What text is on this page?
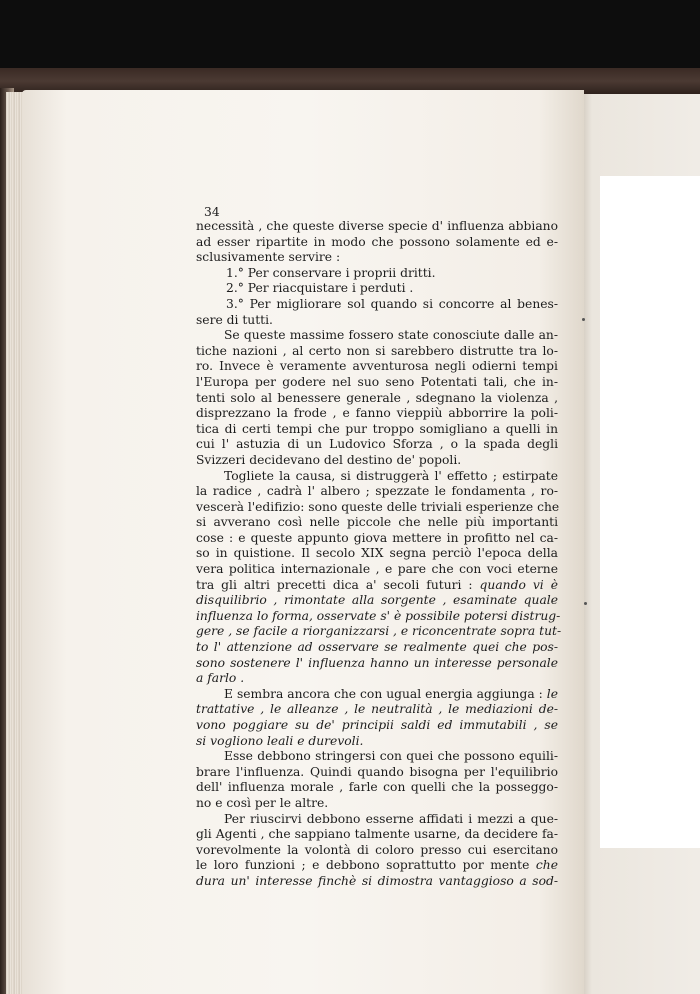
34
necessità , che queste diverse specie d' influenza abbiano
ad esser ripartite in modo che possono solamente ed e-
sclusivamente servire :
1.° Per conservare i proprii dritti.
2.° Per riacquistare i perduti .
3.° Per migliorare sol quando si concorre al benes-
sere di tutti.
Se queste massime fossero state conosciute dalle an-
tiche nazioni , al certo non si sarebbero distrutte tra lo-
ro. Invece è veramente avventurosa negli odierni tempi
l'Europa per godere nel suo seno Potentati tali, che in-
tenti solo al benessere generale , sdegnano la violenza ,
disprezzano la frode , e fanno vieppiù abborrire la poli-
tica di certi tempi che pur troppo somigliano a quelli in
cui l' astuzia di un Ludovico Sforza , o la spada degli
Svizzeri decidevano del destino de' popoli.
Togliete la causa, si distruggerà l' effetto ; estirpate
la radice , cadrà l' albero ; spezzate le fondamenta , ro-
vescerà l'edifizio: sono queste delle triviali esperienze che
si avverano così nelle piccole che nelle più importanti
cose : e queste appunto giova mettere in profitto nel ca-
so in quistione. Il secolo XIX segna perciò l'epoca della
vera politica internazionale , e pare che con voci eterne
tra gli altri precetti dica a' secoli futuri : quando vi è
disquilibrio , rimontate alla sorgente , esaminate quale
influenza lo forma, osservate s' è possibile potersi distrug-
gere , se facile a riorganizzarsi , e riconcentrate sopra tut-
to l' attenzione ad osservare se realmente quei che pos-
sono sostenere l' influenza hanno un interesse personale
a farlo .
E sembra ancora che con ugual energia aggiunga : le
trattative , le alleanze , le neutralità , le mediazioni de-
vono poggiare su de' principii saldi ed immutabili , se
si vogliono leali e durevoli.
Esse debbono stringersi con quei che possono equili-
brare l'influenza. Quindi quando bisogna per l'equilibrio
dell' influenza morale , farle con quelli che la posseggo-
no e così per le altre.
Per riuscirvi debbono esserne affidati i mezzi a que-
gli Agenti , che sappiano talmente usarne, da decidere fa-
vorevolmente la volontà di coloro presso cui esercitano
le loro funzioni ; e debbono soprattutto por mente che
dura un' interesse finchè si dimostra vantaggioso a sod-
